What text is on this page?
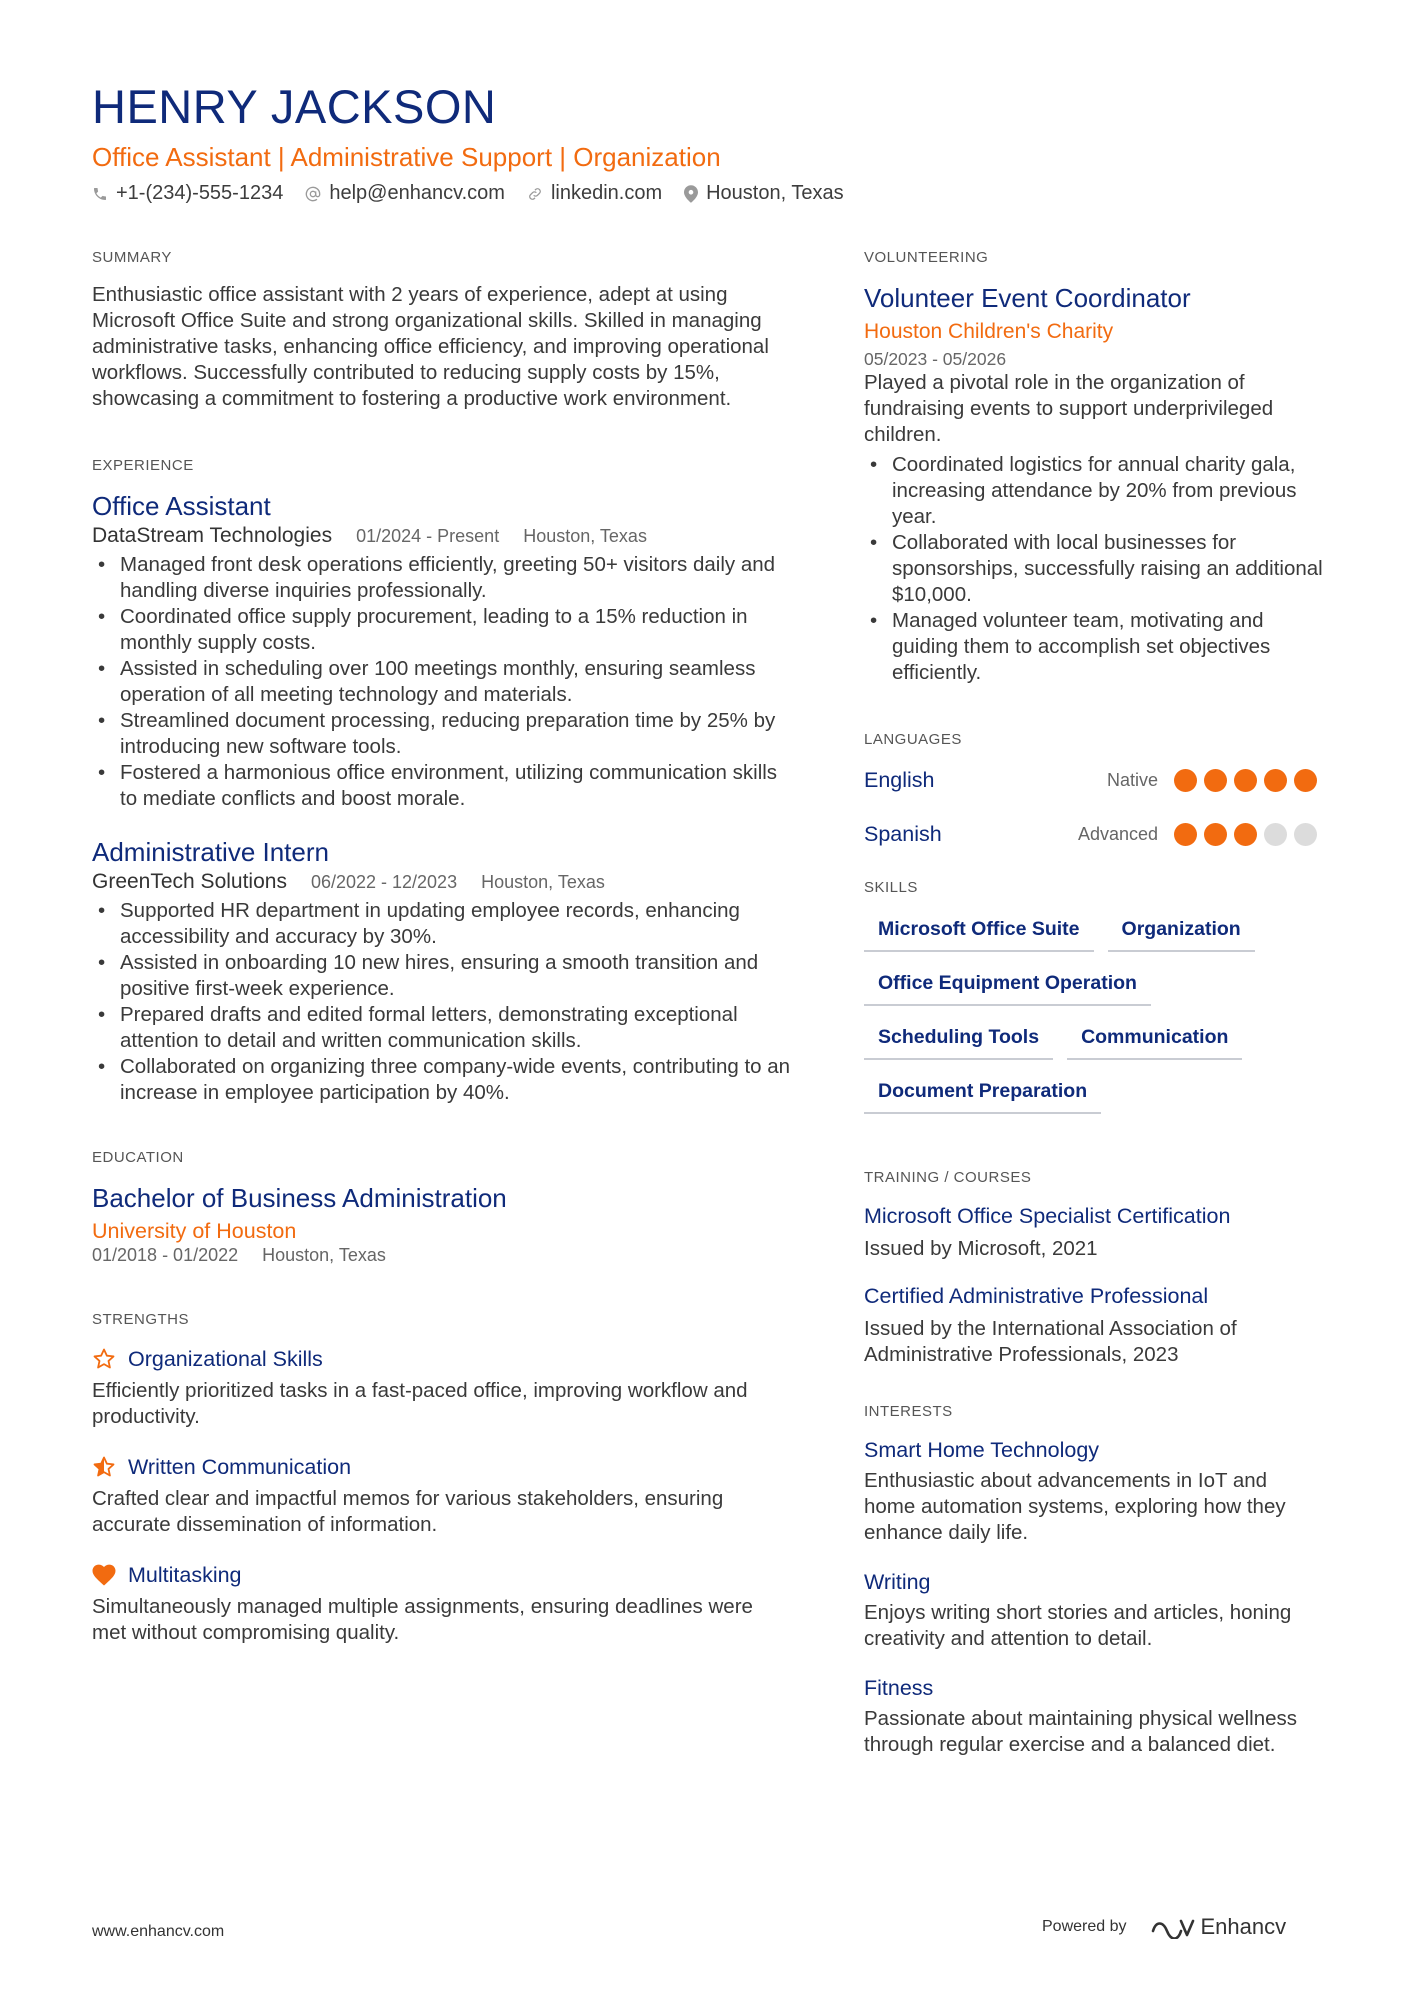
HENRY JACKSON
Office Assistant | Administrative Support | Organization
+1-(234)-555-1234 help@enhancv.com linkedin.com Houston, Texas
SUMMARY
Enthusiastic office assistant with 2 years of experience, adept at using Microsoft Office Suite and strong organizational skills. Skilled in managing administrative tasks, enhancing office efficiency, and improving operational workflows. Successfully contributed to reducing supply costs by 15%, showcasing a commitment to fostering a productive work environment.
EXPERIENCE
Office Assistant
DataStream Technologies 01/2024 - Present Houston, Texas
• Managed front desk operations efficiently, greeting 50+ visitors daily and handling diverse inquiries professionally.
• Coordinated office supply procurement, leading to a 15% reduction in monthly supply costs.
• Assisted in scheduling over 100 meetings monthly, ensuring seamless operation of all meeting technology and materials.
• Streamlined document processing, reducing preparation time by 25% by introducing new software tools.
• Fostered a harmonious office environment, utilizing communication skills to mediate conflicts and boost morale.
Administrative Intern
GreenTech Solutions 06/2022 - 12/2023 Houston, Texas
• Supported HR department in updating employee records, enhancing accessibility and accuracy by 30%.
• Assisted in onboarding 10 new hires, ensuring a smooth transition and positive first-week experience.
• Prepared drafts and edited formal letters, demonstrating exceptional attention to detail and written communication skills.
• Collaborated on organizing three company-wide events, contributing to an increase in employee participation by 40%.
EDUCATION
Bachelor of Business Administration
University of Houston
01/2018 - 01/2022 Houston, Texas
STRENGTHS
Organizational Skills
Efficiently prioritized tasks in a fast-paced office, improving workflow and productivity.
Written Communication
Crafted clear and impactful memos for various stakeholders, ensuring accurate dissemination of information.
Multitasking
Simultaneously managed multiple assignments, ensuring deadlines were met without compromising quality.
VOLUNTEERING
Volunteer Event Coordinator
Houston Children's Charity
05/2023 - 05/2026
Played a pivotal role in the organization of fundraising events to support underprivileged children.
• Coordinated logistics for annual charity gala, increasing attendance by 20% from previous year.
• Collaborated with local businesses for sponsorships, successfully raising an additional $10,000.
• Managed volunteer team, motivating and guiding them to accomplish set objectives efficiently.
LANGUAGES
English	Native
Spanish	Advanced
SKILLS
Microsoft Office Suite	Organization
Office Equipment Operation
Scheduling Tools	Communication
Document Preparation
TRAINING / COURSES
Microsoft Office Specialist Certification
Issued by Microsoft, 2021
Certified Administrative Professional
Issued by the International Association of Administrative Professionals, 2023
INTERESTS
Smart Home Technology
Enthusiastic about advancements in IoT and home automation systems, exploring how they enhance daily life.
Writing
Enjoys writing short stories and articles, honing creativity and attention to detail.
Fitness
Passionate about maintaining physical wellness through regular exercise and a balanced diet.
www.enhancv.com	Powered by	Enhancv
